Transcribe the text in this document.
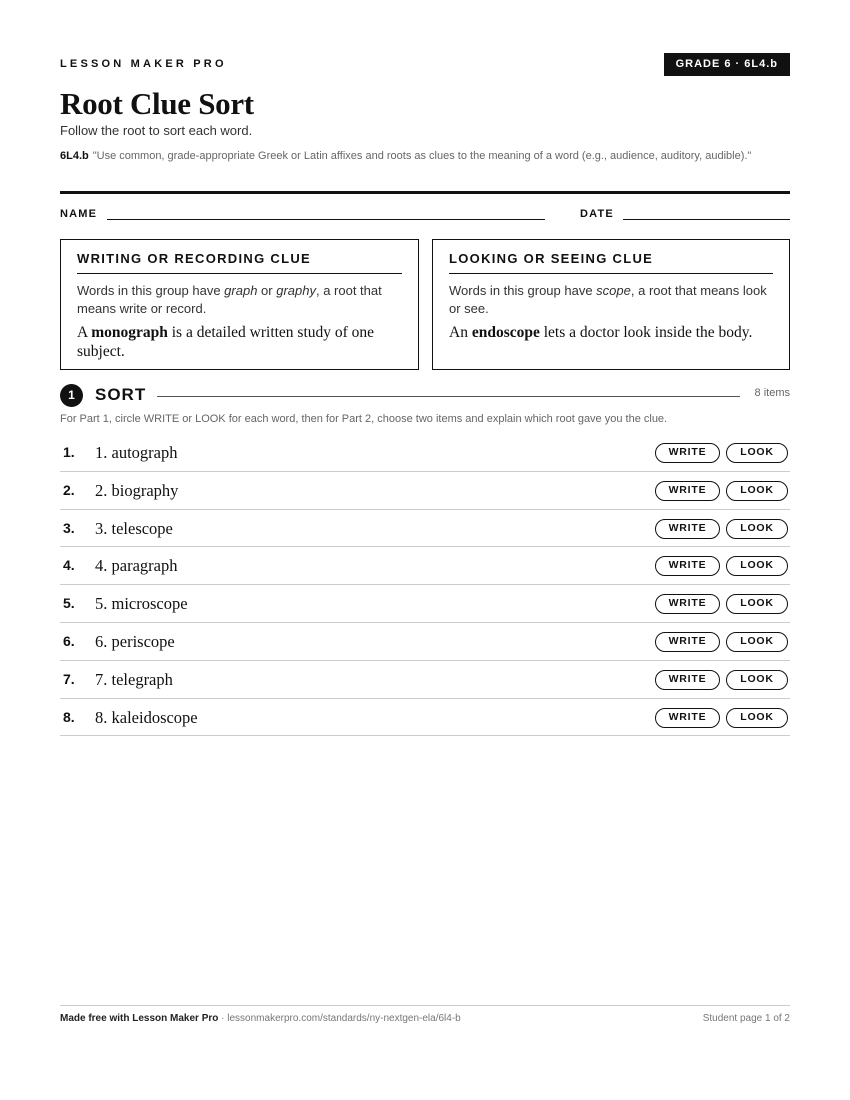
LESSON MAKER PRO	GRADE 6 · 6L4.b
Root Clue Sort
Follow the root to sort each word.
6L4.b "Use common, grade-appropriate Greek or Latin affixes and roots as clues to the meaning of a word (e.g., audience, auditory, audible)."
NAME	DATE
WRITING OR RECORDING CLUE
Words in this group have graph or graphy, a root that means write or record.
A monograph is a detailed written study of one subject.
LOOKING OR SEEING CLUE
Words in this group have scope, a root that means look or see.
An endoscope lets a doctor look inside the body.
1	SORT	8 items
For Part 1, circle WRITE or LOOK for each word, then for Part 2, choose two items and explain which root gave you the clue.
1. 1. autograph	WRITE	LOOK
2. 2. biography	WRITE	LOOK
3. 3. telescope	WRITE	LOOK
4. 4. paragraph	WRITE	LOOK
5. 5. microscope	WRITE	LOOK
6. 6. periscope	WRITE	LOOK
7. 7. telegraph	WRITE	LOOK
8. 8. kaleidoscope	WRITE	LOOK
Made free with Lesson Maker Pro · lessonmakerpro.com/standards/ny-nextgen-ela/6l4-b	Student page 1 of 2
